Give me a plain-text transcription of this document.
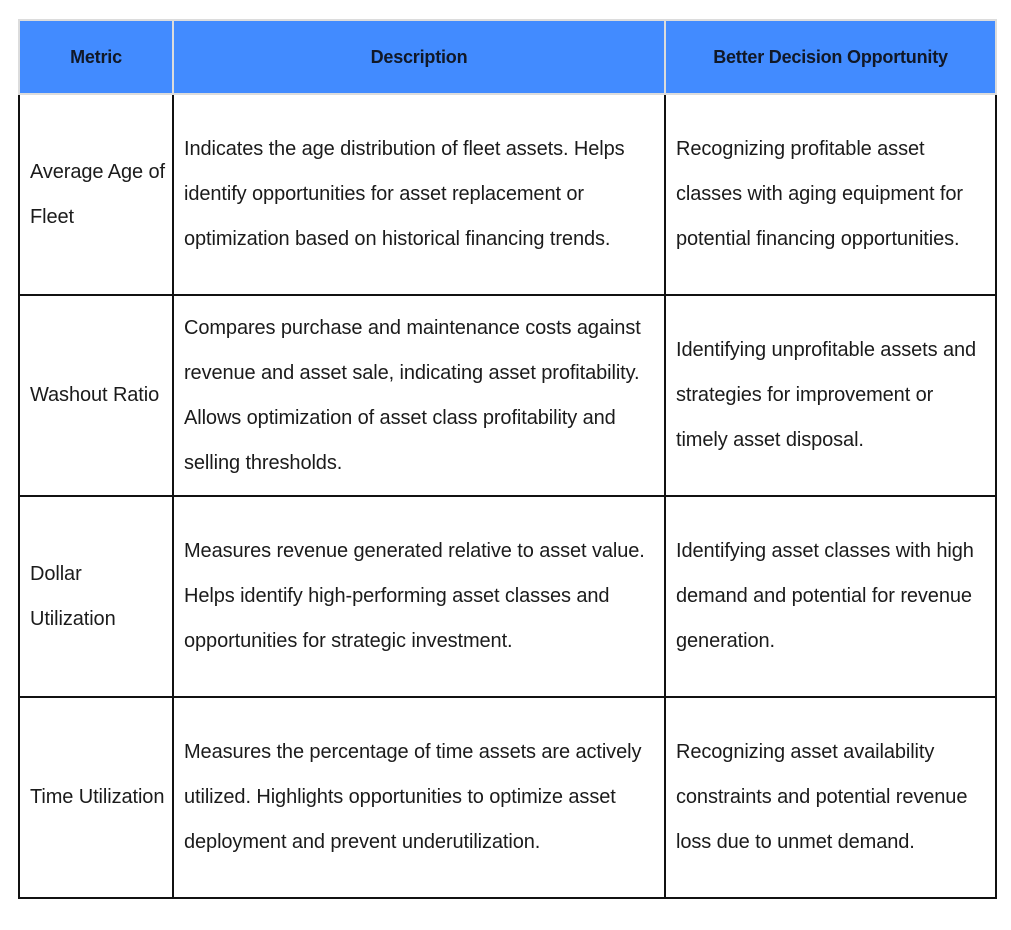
Metric	Description	Better Decision Opportunity
Average Age of Fleet	Indicates the age distribution of fleet assets. Helps identify opportunities for asset replacement or optimization based on historical financing trends.	Recognizing profitable asset classes with aging equipment for potential financing opportunities.
Washout Ratio	Compares purchase and maintenance costs against revenue and asset sale, indicating asset profitability. Allows optimization of asset class profitability and selling thresholds.	Identifying unprofitable assets and strategies for improvement or timely asset disposal.
Dollar Utilization	Measures revenue generated relative to asset value. Helps identify high-performing asset classes and opportunities for strategic investment.	Identifying asset classes with high demand and potential for revenue generation.
Time Utilization	Measures the percentage of time assets are actively utilized. Highlights opportunities to optimize asset deployment and prevent underutilization.	Recognizing asset availability constraints and potential revenue loss due to unmet demand.
